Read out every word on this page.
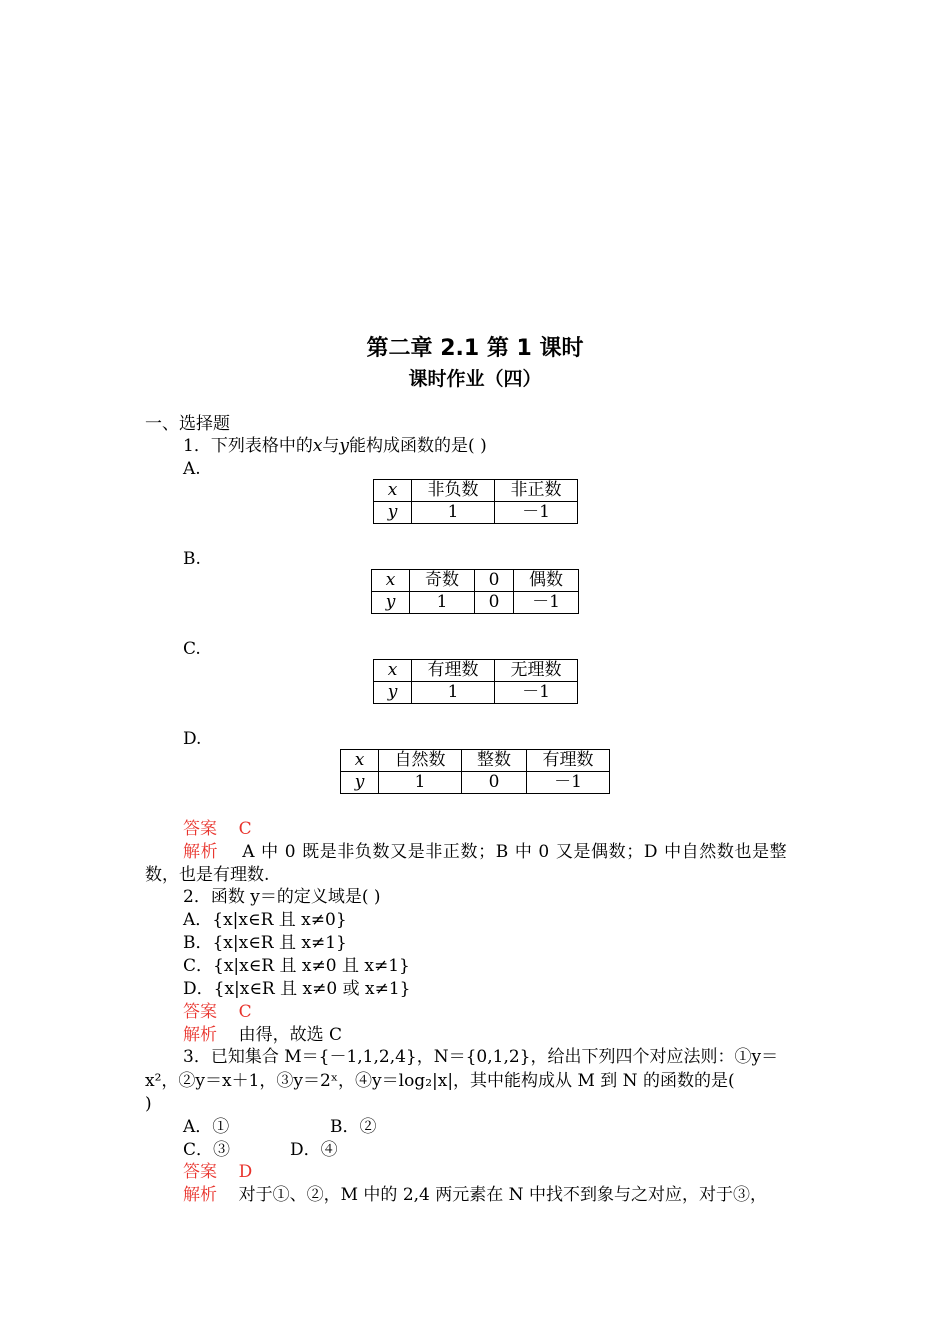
第二章 2.1 第 1 课时
课时作业（四）
一、选择题
1．下列表格中的x与y能构成函数的是( )
A.
x	非负数	非正数
y	1	－1
B.
x	奇数	0	偶数
y	1	0	－1
C.
x	有理数	无理数
y	1	－1
D.
x	自然数	整数	有理数
y	1	0	－1
答案 C
解析 A 中 0 既是非负数又是非正数；B 中 0 又是偶数；D 中自然数也是整
数，也是有理数.
2．函数 y＝的定义域是( )
A．{x|x∈R 且 x≠0}
B．{x|x∈R 且 x≠1}
C．{x|x∈R 且 x≠0 且 x≠1}
D．{x|x∈R 且 x≠0 或 x≠1}
答案 C
解析 由得，故选 C
3．已知集合 M＝{－1,1,2,4}，N＝{0,1,2}，给出下列四个对应法则：①y＝
x²，②y＝x＋1，③y＝2ˣ，④y＝log₂|x|，其中能构成从 M 到 N 的函数的是(
)
A．①	B．②
C．③	D．④
答案 D
解析 对于①、②，M 中的 2,4 两元素在 N 中找不到象与之对应，对于③，
